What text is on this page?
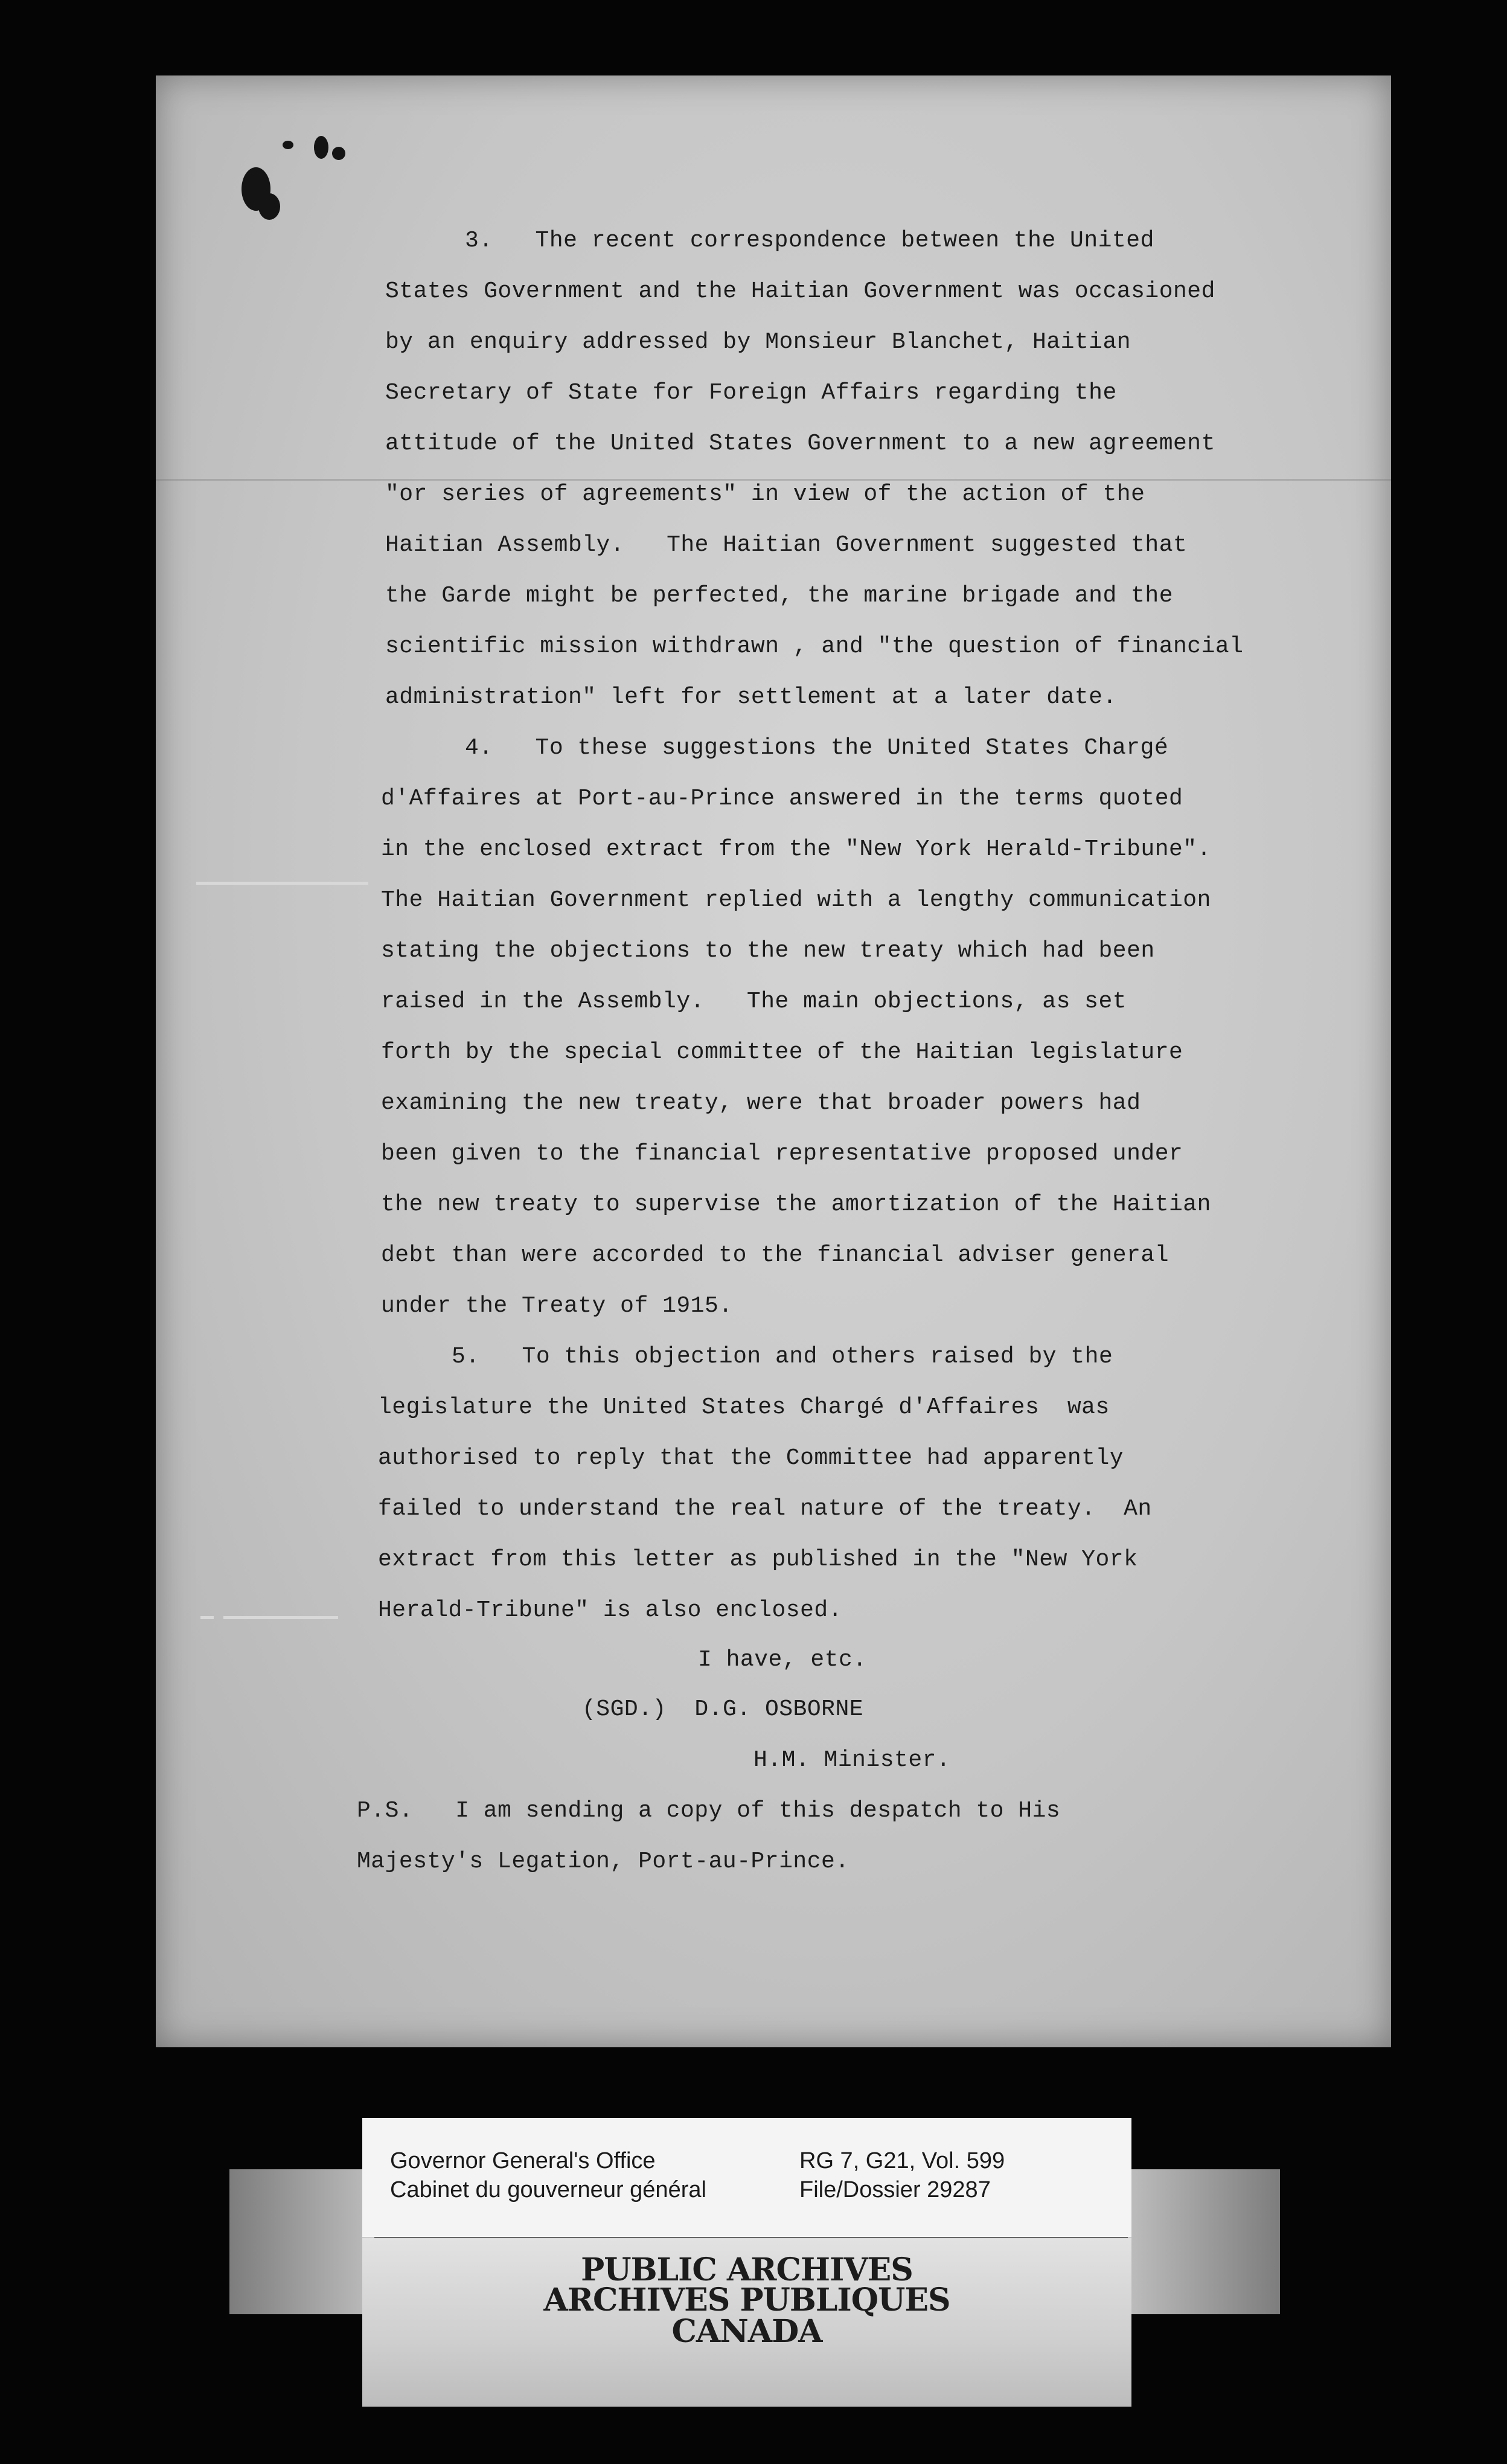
3.   The recent correspondence between the United
States Government and the Haitian Government was occasioned
by an enquiry addressed by Monsieur Blanchet, Haitian
Secretary of State for Foreign Affairs regarding the
attitude of the United States Government to a new agreement
"or series of agreements" in view of the action of the
Haitian Assembly.   The Haitian Government suggested that
the Garde might be perfected, the marine brigade and the
scientific mission withdrawn , and "the question of financial
administration" left for settlement at a later date.
4.   To these suggestions the United States Chargé
d'Affaires at Port-au-Prince answered in the terms quoted
in the enclosed extract from the "New York Herald-Tribune".
The Haitian Government replied with a lengthy communication
stating the objections to the new treaty which had been
raised in the Assembly.   The main objections, as set
forth by the special committee of the Haitian legislature
examining the new treaty, were that broader powers had
been given to the financial representative proposed under
the new treaty to supervise the amortization of the Haitian
debt than were accorded to the financial adviser general
under the Treaty of 1915.
5.   To this objection and others raised by the
legislature the United States Chargé d'Affaires  was
authorised to reply that the Committee had apparently
failed to understand the real nature of the treaty.  An
extract from this letter as published in the "New York
Herald-Tribune" is also enclosed.
I have, etc.
(SGD.)  D.G. OSBORNE
H.M. Minister.
P.S.   I am sending a copy of this despatch to His
Majesty's Legation, Port-au-Prince.
Governor General's Office
Cabinet du gouverneur général
RG 7, G21, Vol. 599
File/Dossier 29287
PUBLIC ARCHIVES
ARCHIVES PUBLIQUES
CANADA
